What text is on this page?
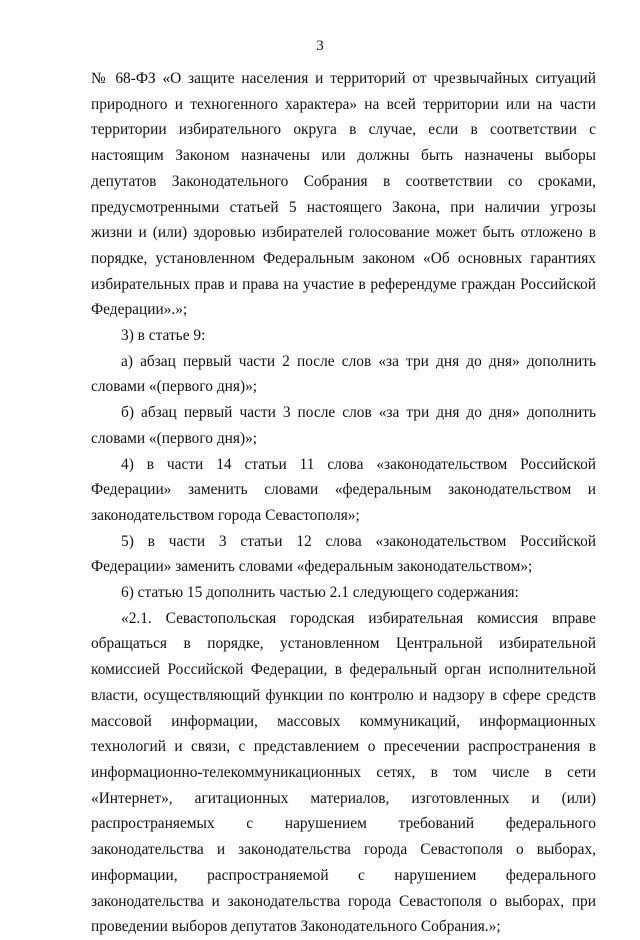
3

№ 68-ФЗ «О защите населения и территорий от чрезвычайных ситуаций природного и техногенного характера» на всей территории или на части территории избирательного округа в случае, если в соответствии с настоящим Законом назначены или должны быть назначены выборы депутатов Законодательного Собрания в соответствии со сроками, предусмотренными статьей 5 настоящего Закона, при наличии угрозы жизни и (или) здоровью избирателей голосование может быть отложено в порядке, установленном Федеральным законом «Об основных гарантиях избирательных прав и права на участие в референдуме граждан Российской Федерации».»;

3) в статье 9:

а) абзац первый части 2 после слов «за три дня до дня» дополнить словами «(первого дня)»;

б) абзац первый части 3 после слов «за три дня до дня» дополнить словами «(первого дня)»;

4) в части 14 статьи 11 слова «законодательством Российской Федерации» заменить словами «федеральным законодательством и законодательством города Севастополя»;

5) в части 3 статьи 12 слова «законодательством Российской Федерации» заменить словами «федеральным законодательством»;

6) статью 15 дополнить частью 2.1 следующего содержания:

«2.1. Севастопольская городская избирательная комиссия вправе обращаться в порядке, установленном Центральной избирательной комиссией Российской Федерации, в федеральный орган исполнительной власти, осуществляющий функции по контролю и надзору в сфере средств массовой информации, массовых коммуникаций, информационных технологий и связи, с представлением о пресечении распространения в информационно-телекоммуникационных сетях, в том числе в сети «Интернет», агитационных материалов, изготовленных и (или) распространяемых с нарушением требований федерального законодательства и законодательства города Севастополя о выборах, информации, распространяемой с нарушением федерального законодательства и законодательства города Севастополя о выборах, при проведении выборов депутатов Законодательного Собрания.»;
